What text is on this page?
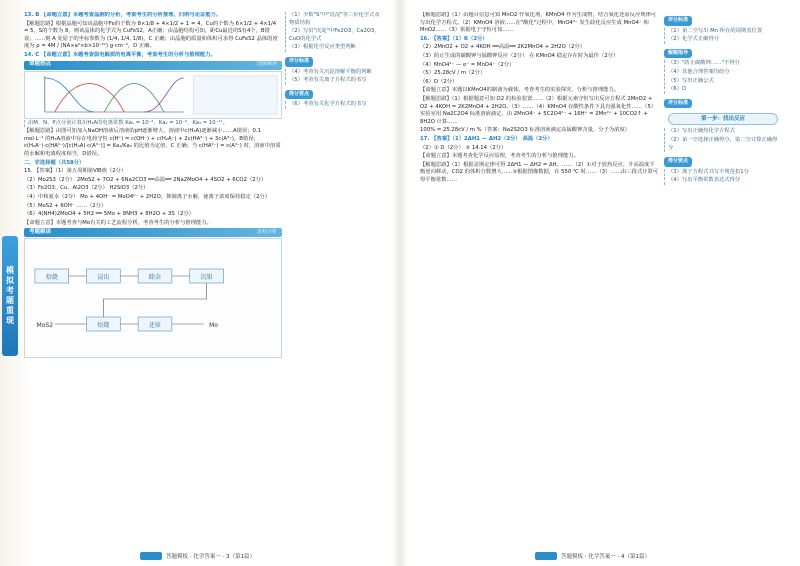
模拟考题重现

13. B 【命题立意】本题考查晶胞的分析，考查考生的分析推理、归纳与论证能力。

【解题思路】根据晶胞可知该晶胞中Fe的个数为 8×1/8 + 4×1/2 + 1 = 4，Cu的个数为 6×1/2 + 4×1/4 = 5，S的个数为 8，则该晶体的化学式为 CuFeS2，A正确；由晶胞结构可知，距Cu最近的S有4个，B错误；……则 A 处原子的坐标参数为 (1/4, 1/4, 1/8)，C 正确；由晶胞的质量和体积可求得 CuFeS2 晶体的密度为 ρ = 4M / (NA×a²×b×10⁻²¹) g·cm⁻³，D 正确。

14. C 【命题立意】本题考查弱电解质的电离平衡，考查考生的分析与推理能力。

命题热点	图像解读

由M、N、P点分别计算出H₃A的电离常数 Ka₁ = 10⁻²，Ka₂ = 10⁻⁶，Ka₃ = 10⁻¹¹。

【解题思路】由图可知加入NaOH溶液后溶液的pH逐渐增大，溶液中c(H₃A)逐渐减小……A错误；0.1 mol·L⁻¹ 的H₃A溶液中存在电荷守恒 c(H⁺) = c(OH⁻) + c(H₂A⁻) + 2c(HA²⁻) + 3c(A³⁻)，B错误；c(H₂A⁻)·c(HA²⁻)/[c(H₃A)·c(A³⁻)] = Ka₁/Ka₃ 的比值为定值，C 正确；当 c(HA²⁻) = c(A³⁻) 时，溶液中溶质的水解和电离程度相当，D错误。

二、非选择题（共58分）

15. 【答案】（1）第五周期第ⅥB族（2分）

（2）Mo2S3（2分） 2MoS2 + 7O2 + 6Na2CO3 ══高温══ 2Na2MoO4 + 4SO2 + 6CO2（2分）

（3）Fe2O3、Cu、Al2O3（2分） H2SiO3（2分）

（4）中和氨水（2分） Mo + 4OH⁻ = MoO4²⁻ + 2H2O，抑制离子水解，使离子浓度保持稳定（2分）

（5）MoS2 + 6OH⁻ ……（2分）

（6）4(NH4)2MoO4 + 5H2 ══ 5Mo + 8NH3 + 8H2O + 3S（2分）

【命题立意】本题考查与Mo有关的工艺流程分析，考查考生的分析与推理能力。

考题解读	流程分析
焙烧	浸出	除杂	沉钼
焙烧	还原
MoS2	Mo

（1）少数"S"中"沉淀"等二价化学式及物质结构

（2）写出"沉淀"中Fe2O3、Ca2O3、CuO的化学式

（3）根据化学反应类型判断

评分标准

（4）考查有关沉淀溶解平衡的判断

（5）考查有关离子方程式的书写

得分要点

（6）考查有关化学方程式的书写

【解题思路】（1）由题目信息可知 MnO2 作氧化剂，KMnO4 作为生成物，结合氧化还原反应规律可写出化学方程式。（2）KMnO4 溶液……在"酸化"过程中，MnO4²⁻ 发生歧化反应生成 MnO4⁻ 和 MnO2……（3）依据电子守恒可知……

16. 【答案】（1）K（2分）

（2）2MnO2 + O2 + 4KOH ══高温══ 2K2MnO4 + 2H2O（2分）

（3）防止生成的碳酸钾与锰酸钾反应（2分） 在 KMnO4 稳定存在时为最佳（2分）

（4）MnO4²⁻ — e⁻ = MnO4⁻（2分）

（5）25.28cV / m（2分）

（6）D（2分）

【命题立意】本题以KMnO4的制备为载体，考查考生的实验探究、分析与推理能力。

【解题思路】（1）根据题意可知 O2 的检验装置……（2）根据元素守恒写出反应方程式 2MnO2 + O2 + 4KOH = 2K2MnO4 + 2H2O。（3）……（4）KMnO4 在酸性条件下具有强氧化性……（5）实验室用 Na2C2O4 标准溶液滴定，由 2MnO4⁻ + 5C2O4²⁻ + 16H⁺ = 2Mn²⁺ + 10CO2↑ + 8H2O 计算……

100% = 25.28cV / m %（答案：Na2S2O3 标准溶液滴定高锰酸钾含量，分子为浓度）

17. 【答案】（1）2ΔH1 — ΔH2（2分） 高温（2分）

（2）① D（2分） ② 14.14（2分）

【命题立意】本题考查化学反应原理，考查考生的分析与推理能力。

【解题思路】（1）根据盖斯定律可得 2ΔH1 — ΔH2 = ΔH。……（2）①对于放热反应，升高温度平衡逆向移动，CO2 的体积分数增大……②根据图像数据，在 550 ℃ 时……（3）……由三段式计算可得平衡常数……

评分标准

（1）第二空写出 Mn 所在的周期表位置

（2）化学式正确得分

解题指导

（3）"防止碳酸钾……"不得分

（4）其他合理答案均给分

（5）写出正确公式

（6）D

评分标准
第一步：找出反应

（1）写出正确热化学方程式

（2）第一空选择正确得分，第二空计算正确得分

得分要点

（3）离子方程式书写不规范扣1分

（4）写出平衡常数表达式得分

答题模板 · 化学答案一 · 3（第1篇）	答题模板 · 化学答案一 · 4（第1篇）
